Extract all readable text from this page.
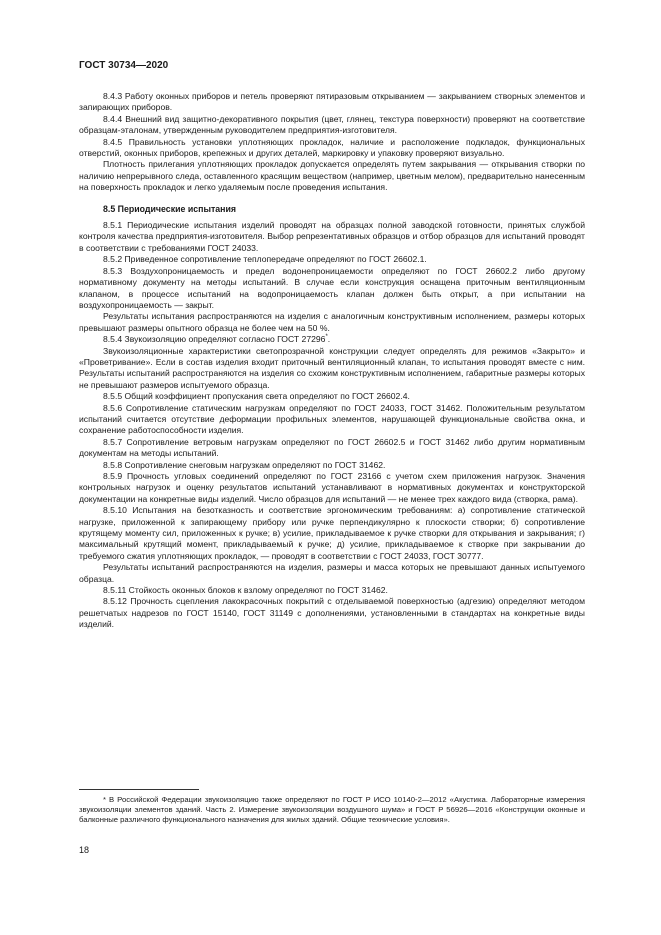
ГОСТ 30734—2020

8.4.3 Работу оконных приборов и петель проверяют пятиразовым открыванием — закрыванием створных элементов и запирающих приборов.

8.4.4 Внешний вид защитно-декоративного покрытия (цвет, глянец, текстура поверхности) проверяют на соответствие образцам-эталонам, утвержденным руководителем предприятия-изготовителя.

8.4.5 Правильность установки уплотняющих прокладок, наличие и расположение подкладок, функциональных отверстий, оконных приборов, крепежных и других деталей, маркировку и упаковку проверяют визуально.

Плотность прилегания уплотняющих прокладок допускается определять путем закрывания — открывания створки по наличию непрерывного следа, оставленного красящим веществом (например, цветным мелом), предварительно нанесенным на поверхность прокладок и легко удаляемым после проведения испытания.

8.5 Периодические испытания

8.5.1 Периодические испытания изделий проводят на образцах полной заводской готовности, принятых службой контроля качества предприятия-изготовителя. Выбор репрезентативных образцов и отбор образцов для испытаний проводят в соответствии с требованиями ГОСТ 24033.

8.5.2 Приведенное сопротивление теплопередаче определяют по ГОСТ 26602.1.

8.5.3 Воздухопроницаемость и предел водонепроницаемости определяют по ГОСТ 26602.2 либо другому нормативному документу на методы испытаний. В случае если конструкция оснащена приточным вентиляционным клапаном, в процессе испытаний на водопроницаемость клапан должен быть открыт, а при испытании на воздухопроницаемость — закрыт.

Результаты испытания распространяются на изделия с аналогичным конструктивным исполнением, размеры которых превышают размеры опытного образца не более чем на 50 %.

8.5.4 Звукоизоляцию определяют согласно ГОСТ 27296*.

Звукоизоляционные характеристики светопрозрачной конструкции следует определять для режимов «Закрыто» и «Проветривание». Если в состав изделия входит приточный вентиляционный клапан, то испытания проводят вместе с ним. Результаты испытаний распространяются на изделия со схожим конструктивным исполнением, габаритные размеры которых не превышают размеров испытуемого образца.

8.5.5 Общий коэффициент пропускания света определяют по ГОСТ 26602.4.

8.5.6 Сопротивление статическим нагрузкам определяют по ГОСТ 24033, ГОСТ 31462. Положительным результатом испытаний считается отсутствие деформации профильных элементов, нарушающей функциональные свойства окна, и сохранение работоспособности изделия.

8.5.7 Сопротивление ветровым нагрузкам определяют по ГОСТ 26602.5 и ГОСТ 31462 либо другим нормативным документам на методы испытаний.

8.5.8 Сопротивление снеговым нагрузкам определяют по ГОСТ 31462.

8.5.9 Прочность угловых соединений определяют по ГОСТ 23166 с учетом схем приложения нагрузок. Значения контрольных нагрузок и оценку результатов испытаний устанавливают в нормативных документах и конструкторской документации на конкретные виды изделий. Число образцов для испытаний — не менее трех каждого вида (створка, рама).

8.5.10 Испытания на безотказность и соответствие эргономическим требованиям: а) сопротивление статической нагрузке, приложенной к запирающему прибору или ручке перпендикулярно к плоскости створки; б) сопротивление крутящему моменту сил, приложенных к ручке; в) усилие, прикладываемое к ручке створки для открывания и закрывания; г) максимальный крутящий момент, прикладываемый к ручке; д) усилие, прикладываемое к створке при закрывании до требуемого сжатия уплотняющих прокладок, — проводят в соответствии с ГОСТ 24033, ГОСТ 30777.

Результаты испытаний распространяются на изделия, размеры и масса которых не превышают данных испытуемого образца.

8.5.11 Стойкость оконных блоков к взлому определяют по ГОСТ 31462.

8.5.12 Прочность сцепления лакокрасочных покрытий с отделываемой поверхностью (адгезию) определяют методом решетчатых надрезов по ГОСТ 15140, ГОСТ 31149 с дополнениями, установленными в стандартах на конкретные виды изделий.

* В Российской Федерации звукоизоляцию также определяют по ГОСТ Р ИСО 10140-2—2012 «Акустика. Лабораторные измерения звукоизоляции элементов зданий. Часть 2. Измерение звукоизоляции воздушного шума» и ГОСТ Р 56926—2016 «Конструкции оконные и балконные различного функционального назначения для жилых зданий. Общие технические условия».

18
